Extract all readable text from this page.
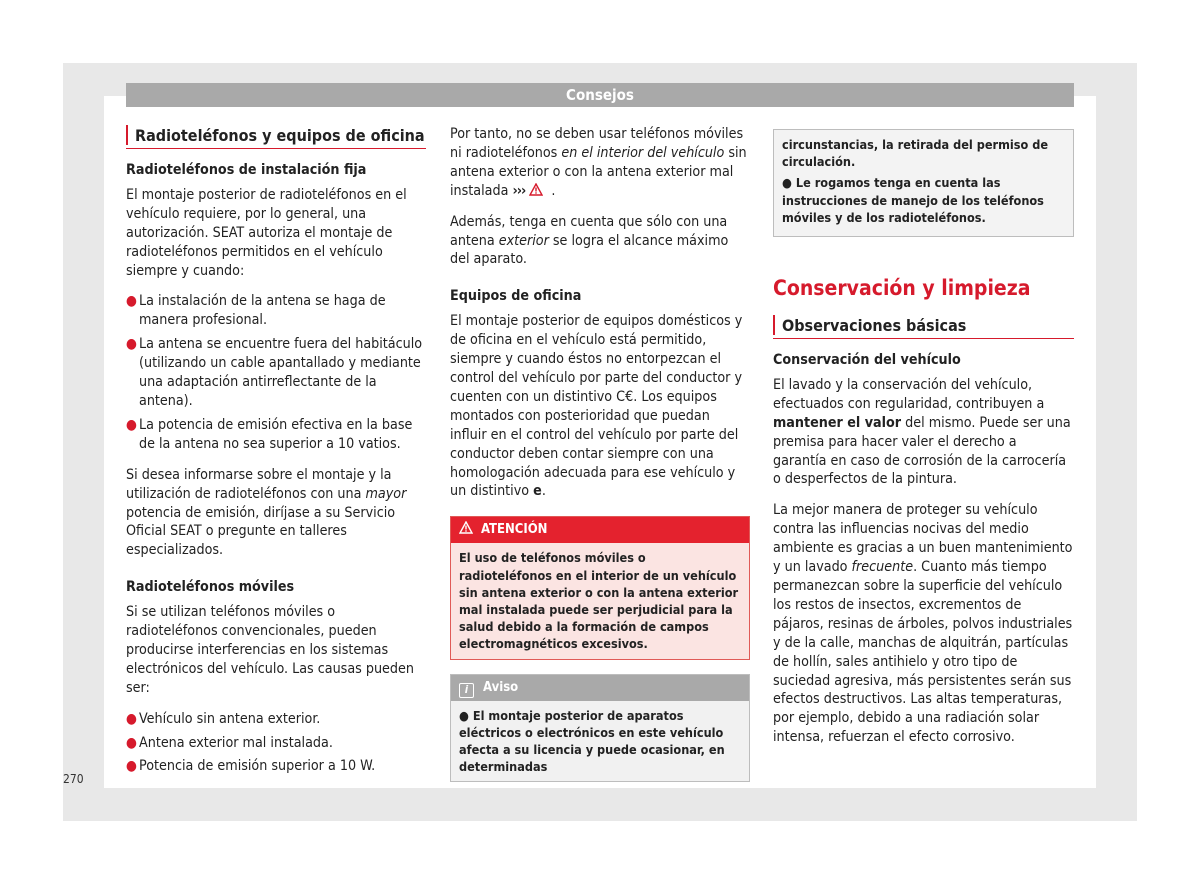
Consejos
Radioteléfonos y equipos de oficina
Radioteléfonos de instalación fija

El montaje posterior de radioteléfonos en el vehículo requiere, por lo general, una autorización. SEAT autoriza el montaje de radioteléfonos permitidos en el vehículo siempre y cuando:

● La instalación de la antena se haga de manera profesional.
● La antena se encuentre fuera del habitáculo (utilizando un cable apantallado y mediante una adaptación antirreflectante de la antena).
● La potencia de emisión efectiva en la base de la antena no sea superior a 10 vatios.

Si desea informarse sobre el montaje y la utilización de radioteléfonos con una mayor potencia de emisión, diríjase a su Servicio Oficial SEAT o pregunte en talleres especializados.

Radioteléfonos móviles

Si se utilizan teléfonos móviles o radioteléfonos convencionales, pueden producirse interferencias en los sistemas electrónicos del vehículo. Las causas pueden ser:

● Vehículo sin antena exterior.
● Antena exterior mal instalada.
● Potencia de emisión superior a 10 W.

Por tanto, no se deben usar teléfonos móviles ni radioteléfonos en el interior del vehículo sin antena exterior o con la antena exterior mal instalada ››› .

Además, tenga en cuenta que sólo con una antena exterior se logra el alcance máximo del aparato.

Equipos de oficina

El montaje posterior de equipos domésticos y de oficina en el vehículo está permitido, siempre y cuando éstos no entorpezcan el control del vehículo por parte del conductor y cuenten con un distintivo C€. Los equipos montados con posterioridad que puedan influir en el control del vehículo por parte del conductor deben contar siempre con una homologación adecuada para ese vehículo y un distintivo e.

ATENCIÓN
El uso de teléfonos móviles o radioteléfonos en el interior de un vehículo sin antena exterior o con la antena exterior mal instalada puede ser perjudicial para la salud debido a la formación de campos electromagnéticos excesivos.
i Aviso
● El montaje posterior de aparatos eléctricos o electrónicos en este vehículo afecta a su licencia y puede ocasionar, en determinadas

circunstancias, la retirada del permiso de circulación.

● Le rogamos tenga en cuenta las instrucciones de manejo de los teléfonos móviles y de los radioteléfonos.

Conservación y limpieza
Observaciones básicas
Conservación del vehículo

El lavado y la conservación del vehículo, efectuados con regularidad, contribuyen a mantener el valor del mismo. Puede ser una premisa para hacer valer el derecho a garantía en caso de corrosión de la carrocería o desperfectos de la pintura.

La mejor manera de proteger su vehículo contra las influencias nocivas del medio ambiente es gracias a un buen mantenimiento y un lavado frecuente. Cuanto más tiempo permanezcan sobre la superficie del vehículo los restos de insectos, excrementos de pájaros, resinas de árboles, polvos industriales y de la calle, manchas de alquitrán, partículas de hollín, sales antihielo y otro tipo de suciedad agresiva, más persistentes serán sus efectos destructivos. Las altas temperaturas, por ejemplo, debido a una radiación solar intensa, refuerzan el efecto corrosivo.

270
